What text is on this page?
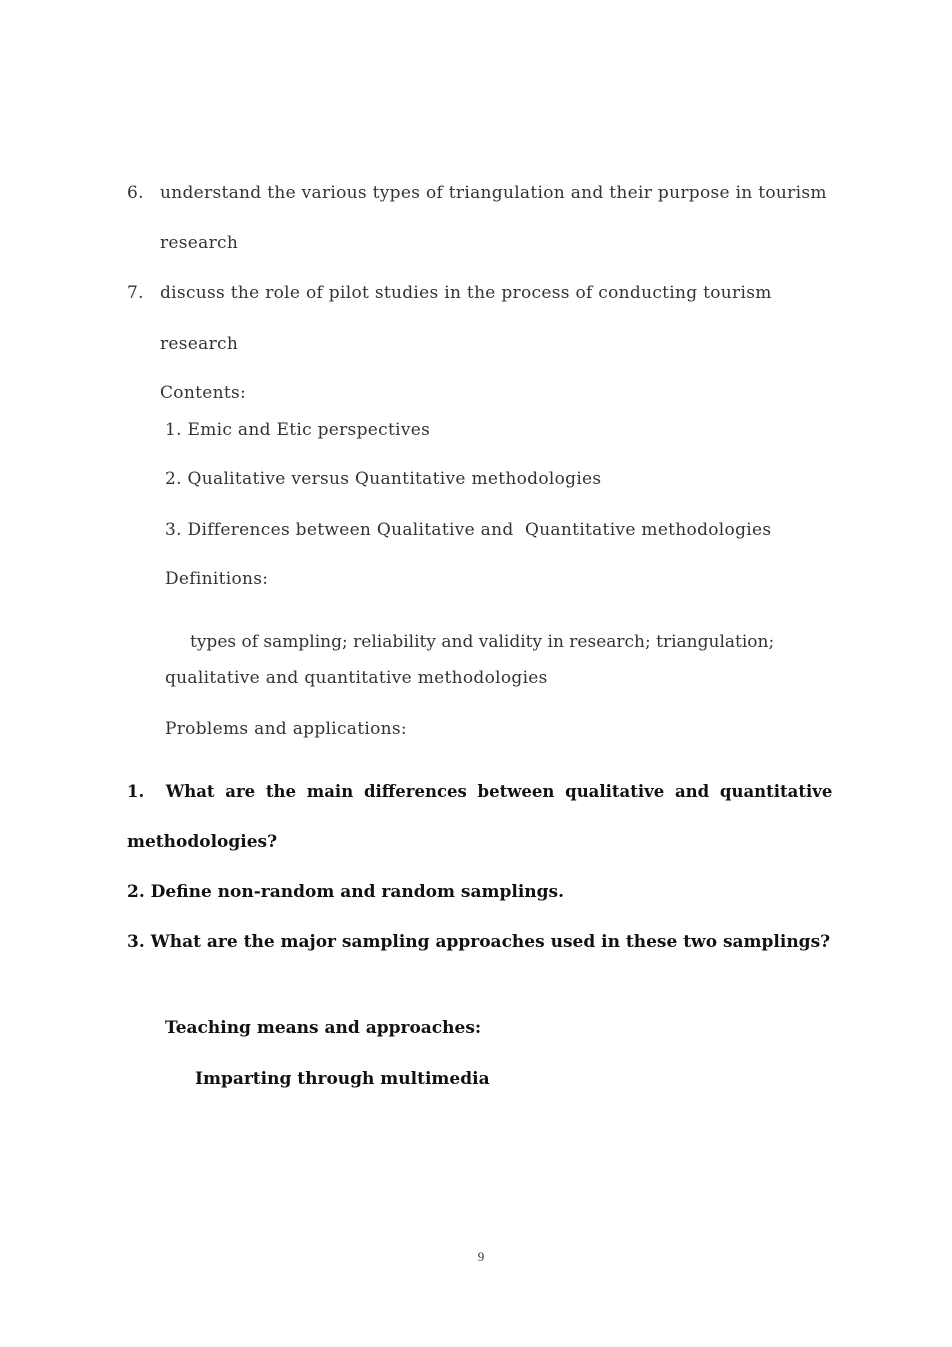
6. understand the various types of triangulation and their purpose in tourism
research
7. discuss the role of pilot studies in the process of conducting tourism
research
Contents:
1. Emic and Etic perspectives
2. Qualitative versus Quantitative methodologies
3. Differences between Qualitative and  Quantitative methodologies
Definitions:
types of sampling; reliability and validity in research; triangulation;
qualitative and quantitative methodologies
Problems and applications:
1.  What are the main differences between qualitative and quantitative
methodologies?
2. Define non-random and random samplings.
3. What are the major sampling approaches used in these two samplings?
Teaching means and approaches:
Imparting through multimedia
9
